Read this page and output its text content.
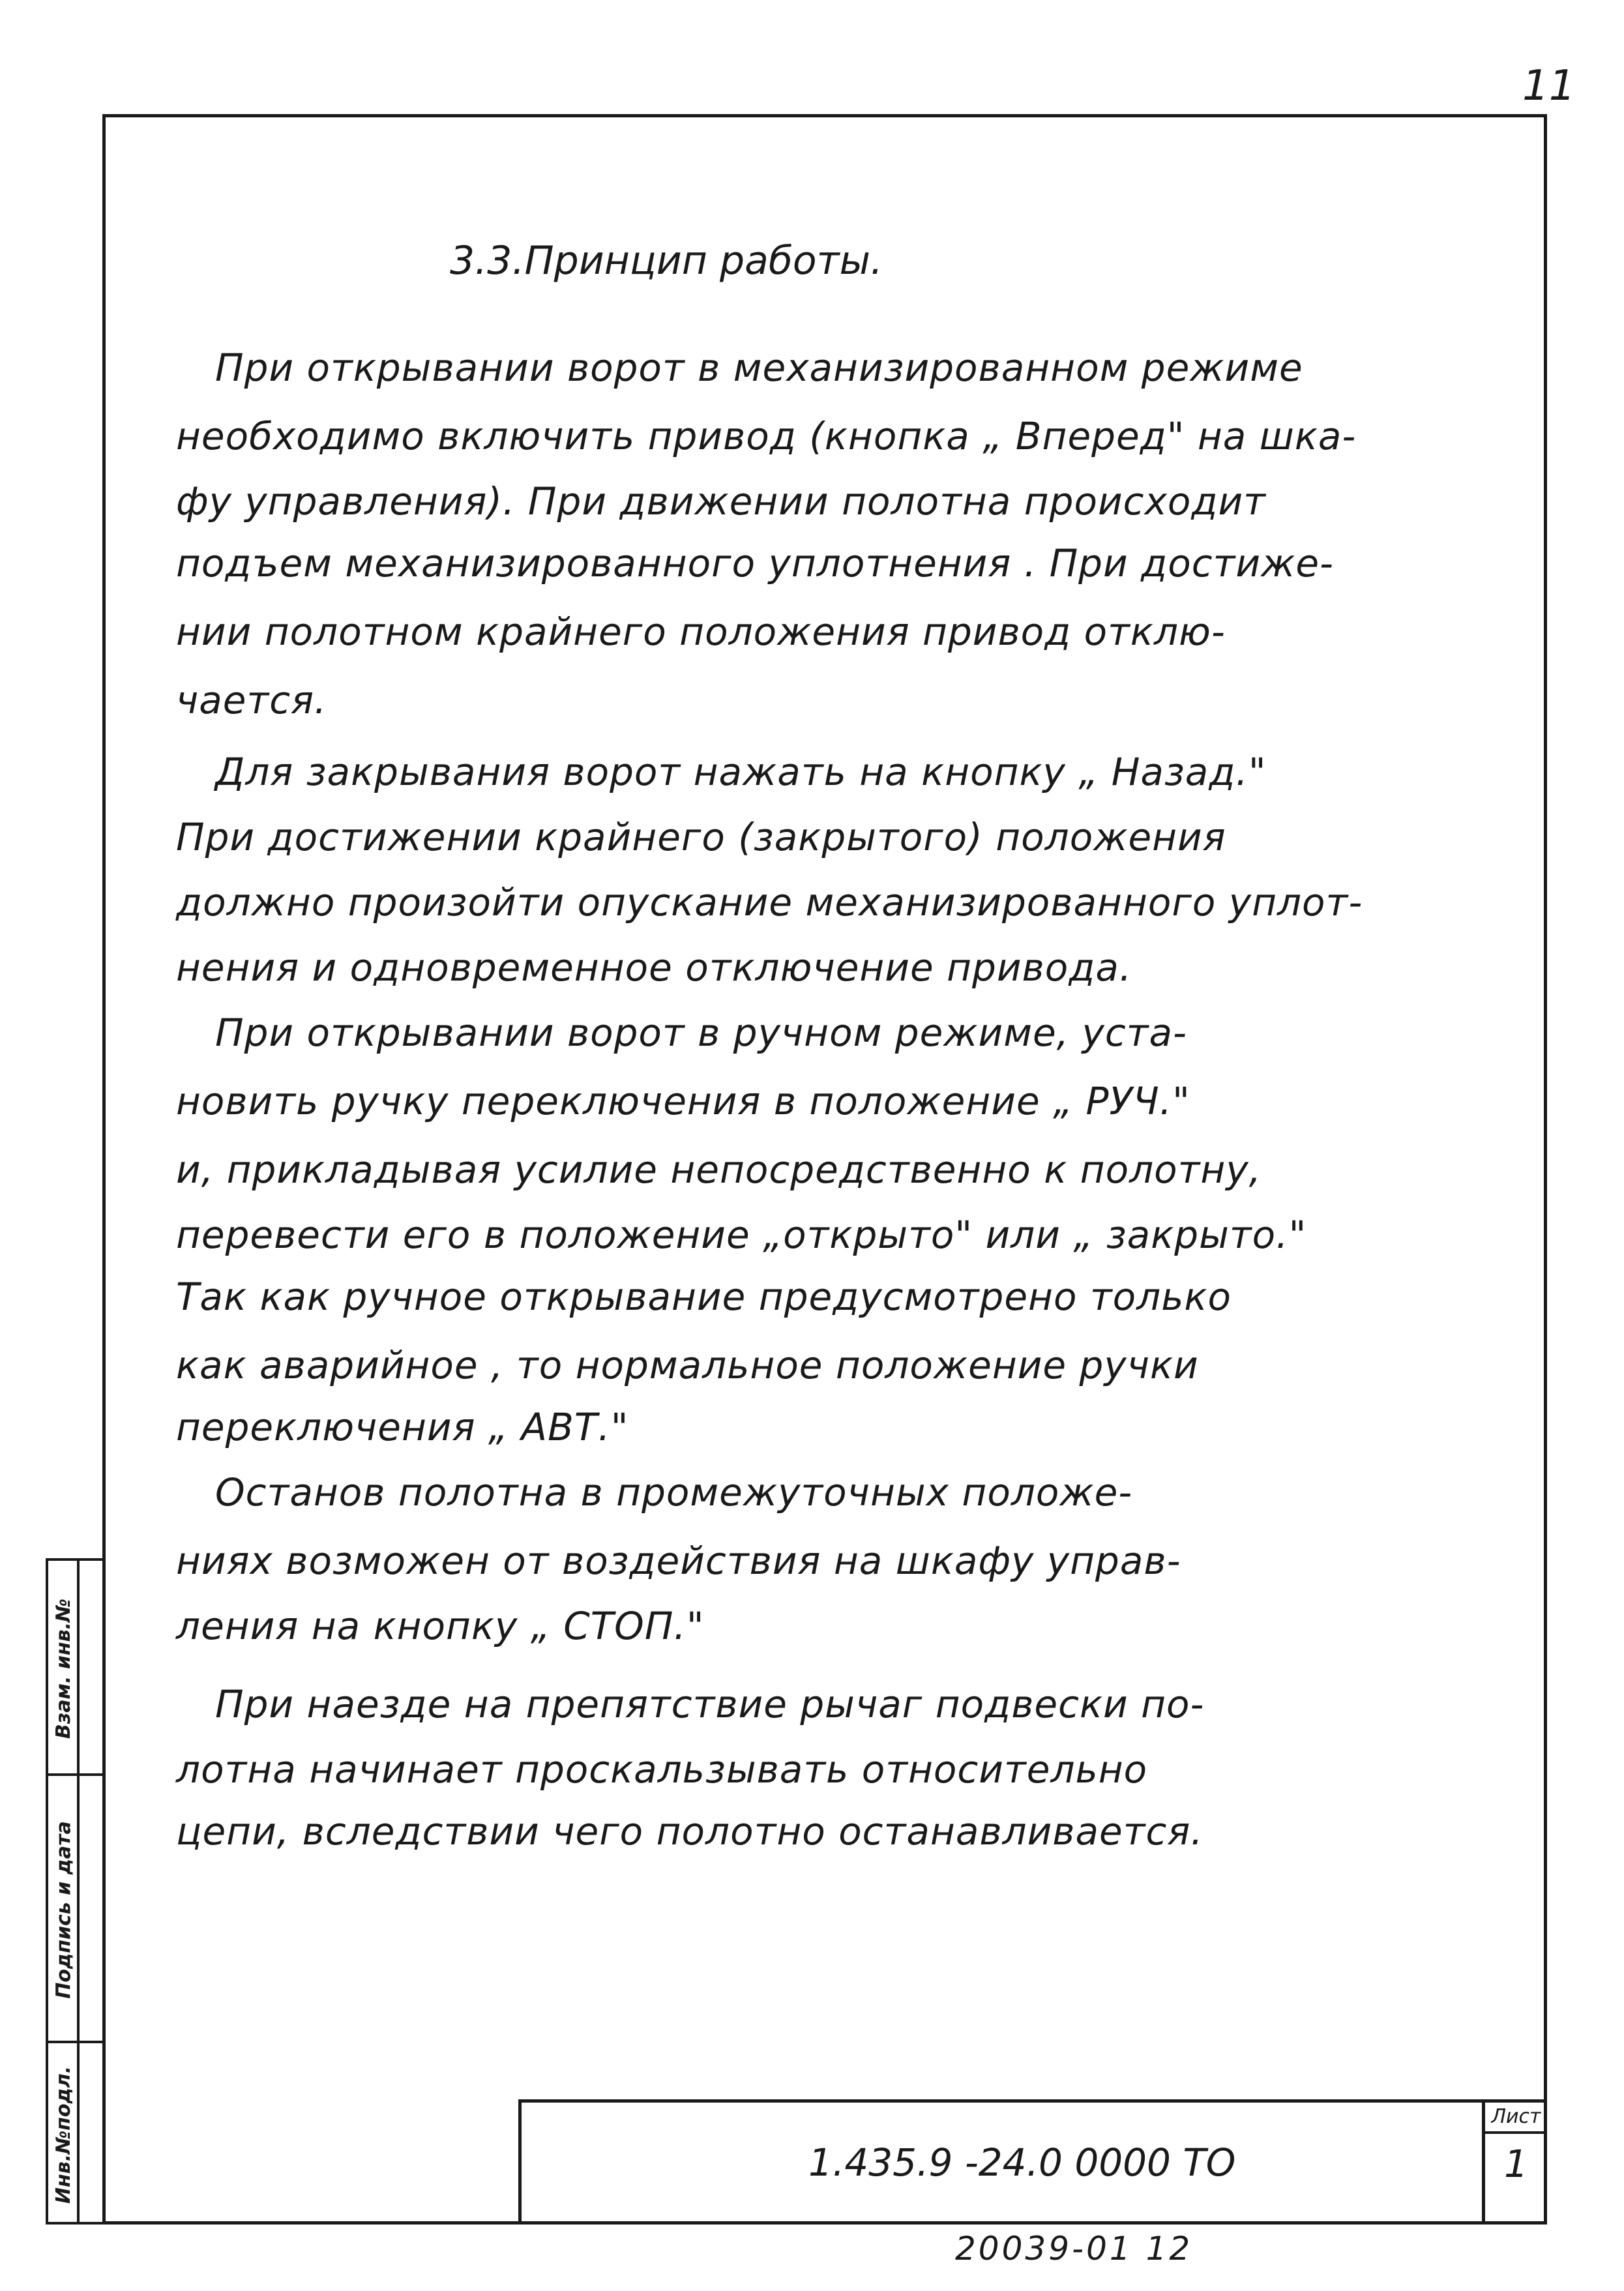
11
Взам. инв.№
Подпись и дата
Инв.№подл.
3.3.Принцип работы.
При открывании ворот в механизированном режиме
необходимо включить привод (кнопка „ Вперед" на шка-
фу управления). При движении полотна происходит
подъем механизированного уплотнения . При достиже-
нии полотном крайнего положения привод отклю-
чается.
Для закрывания ворот нажать на кнопку „ Назад."
При достижении крайнего (закрытого) положения
должно произойти опускание механизированного уплот-
нения и одновременное отключение привода.
При открывании ворот в ручном режиме, уста-
новить ручку переключения в положение „ РУЧ."
и, прикладывая усилие непосредственно к полотну,
перевести его в положение „открыто" или „ закрыто."
Так как ручное открывание предусмотрено только
как аварийное , то нормальное положение ручки
переключения „ АВТ."
Останов полотна в промежуточных положе-
ниях возможен от воздействия на шкафу управ-
ления на кнопку „ СТОП."
При наезде на препятствие рычаг подвески по-
лотна начинает проскальзывать относительно
цепи, вследствии чего полотно останавливается.
1.435.9 -24.0 0000 ТО
Лист
1
20039-01 12
